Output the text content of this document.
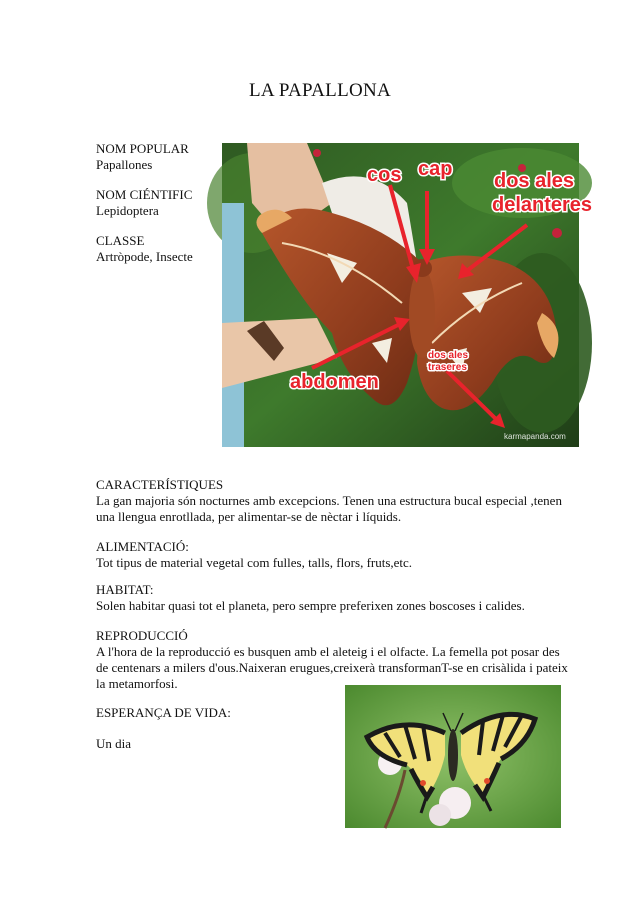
LA PAPALLONA
NOM POPULAR
Papallones
NOM CIÉNTIFIC
Lepidoptera
CLASSE
Artròpode, Insecte
cos cap
dos ales
delanteres
abdomen
dos ales
traseres
karmapanda.com
CARACTERÍSTIQUES
La gan majoria són nocturnes amb excepcions. Tenen una estructura bucal especial ,tenen
una llengua enrotllada, per alimentar-se de nèctar i líquids.
ALIMENTACIÓ:
Tot tipus de material vegetal com fulles, talls, flors, fruts,etc.
HABITAT:
Solen habitar quasi tot el planeta, pero sempre preferixen zones boscoses i calides.
REPRODUCCIÓ
A l'hora de la reproducció es busquen amb el aleteig i el olfacte. La femella pot posar des
de centenars a milers d'ous.Naixeran erugues,creixerà transformanT-se en crisàlida i pateix
la metamorfosi.
ESPERANÇA DE VIDA:
Un dia
